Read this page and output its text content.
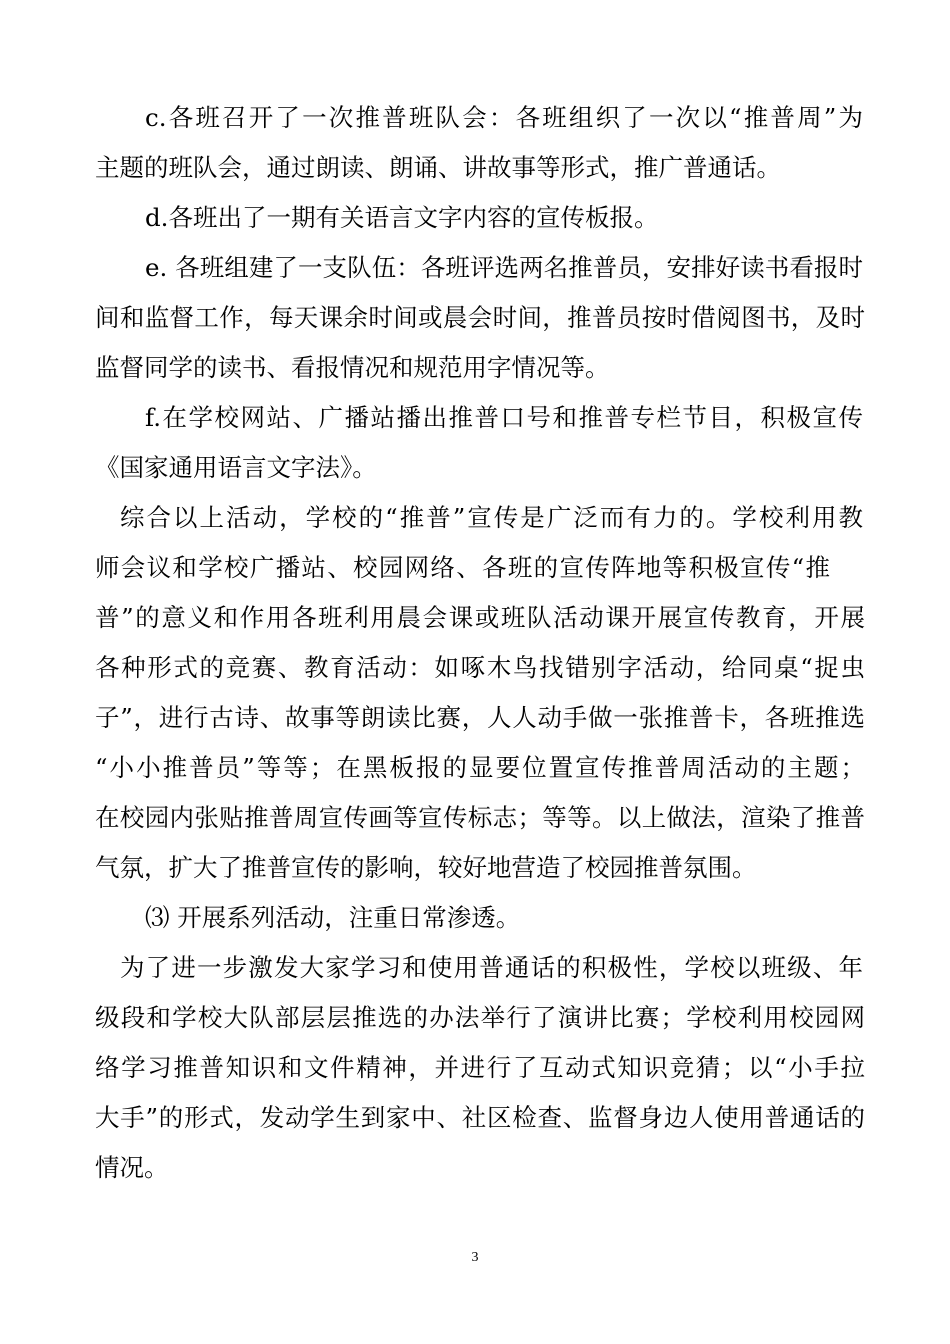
c.各班召开了一次推普班队会：各班组织了一次以“推普周”为
主题的班队会，通过朗读、朗诵、讲故事等形式，推广普通话。
d.各班出了一期有关语言文字内容的宣传板报。
e. 各班组建了一支队伍：各班评选两名推普员，安排好读书看报时
间和监督工作，每天课余时间或晨会时间，推普员按时借阅图书，及时
监督同学的读书、看报情况和规范用字情况等。
f.在学校网站、广播站播出推普口号和推普专栏节目，积极宣传
《国家通用语言文字法》。
综合以上活动，学校的“推普”宣传是广泛而有力的。学校利用教
师会议和学校广播站、校园网络、各班的宣传阵地等积极宣传“推
普”的意义和作用各班利用晨会课或班队活动课开展宣传教育，开展
各种形式的竞赛、教育活动：如啄木鸟找错别字活动，给同桌“捉虫
子”，进行古诗、故事等朗读比赛，人人动手做一张推普卡，各班推选
“小小推普员”等等；在黑板报的显要位置宣传推普周活动的主题；
在校园内张贴推普周宣传画等宣传标志；等等。以上做法，渲染了推普
气氛，扩大了推普宣传的影响，较好地营造了校园推普氛围。
⑶ 开展系列活动，注重日常渗透。
为了进一步激发大家学习和使用普通话的积极性，学校以班级、年
级段和学校大队部层层推选的办法举行了演讲比赛；学校利用校园网
络学习推普知识和文件精神，并进行了互动式知识竞猜；以“小手拉
大手”的形式，发动学生到家中、社区检查、监督身边人使用普通话的
情况。
3
